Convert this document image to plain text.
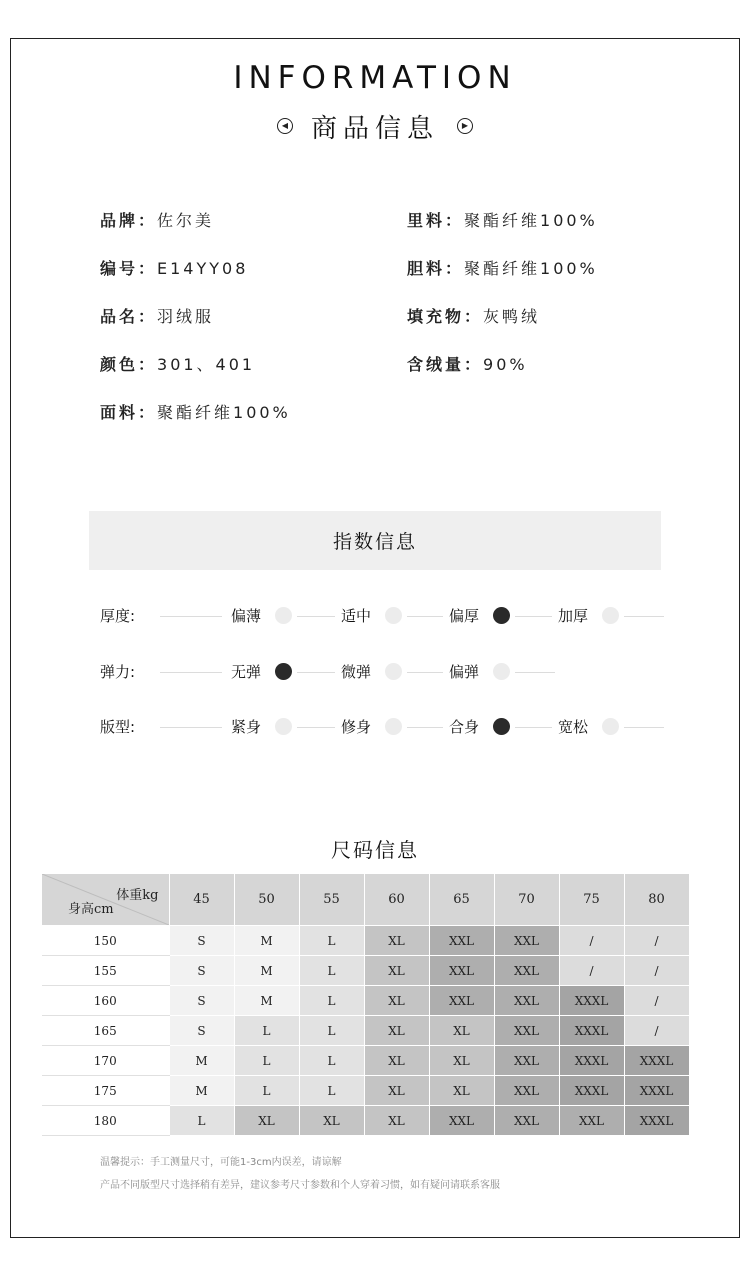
INFORMATION
◀ 商品信息	▶
品牌：佐尔美
编号：E14YY08
品名：羽绒服
颜色：301、401
面料：聚酯纤维100%
里料：聚酯纤维100%
胆料：聚酯纤维100%
填充物：灰鸭绒
含绒量：90%
指数信息
厚度:	偏薄	适中	偏厚	加厚
弹力:	无弹	微弹	偏弹
版型:	紧身	修身	合身	宽松
尺码信息
体重kg
身高cm	45	50	55	60	65	70	75	80
150	S	M	L	XL	XXL	XXL	/	/
155	S	M	L	XL	XXL	XXL	/	/
160	S	M	L	XL	XXL	XXL	XXXL	/
165	S	L	L	XL	XL	XXL	XXXL	/
170	M	L	L	XL	XL	XXL	XXXL	XXXL
175	M	L	L	XL	XL	XXL	XXXL	XXXL
180	L	XL	XL	XL	XXL	XXL	XXL	XXXL
温馨提示：手工测量尺寸，可能1-3cm内误差，请谅解
产品不同版型尺寸选择稍有差异，建议参考尺寸参数和个人穿着习惯，如有疑问请联系客服
